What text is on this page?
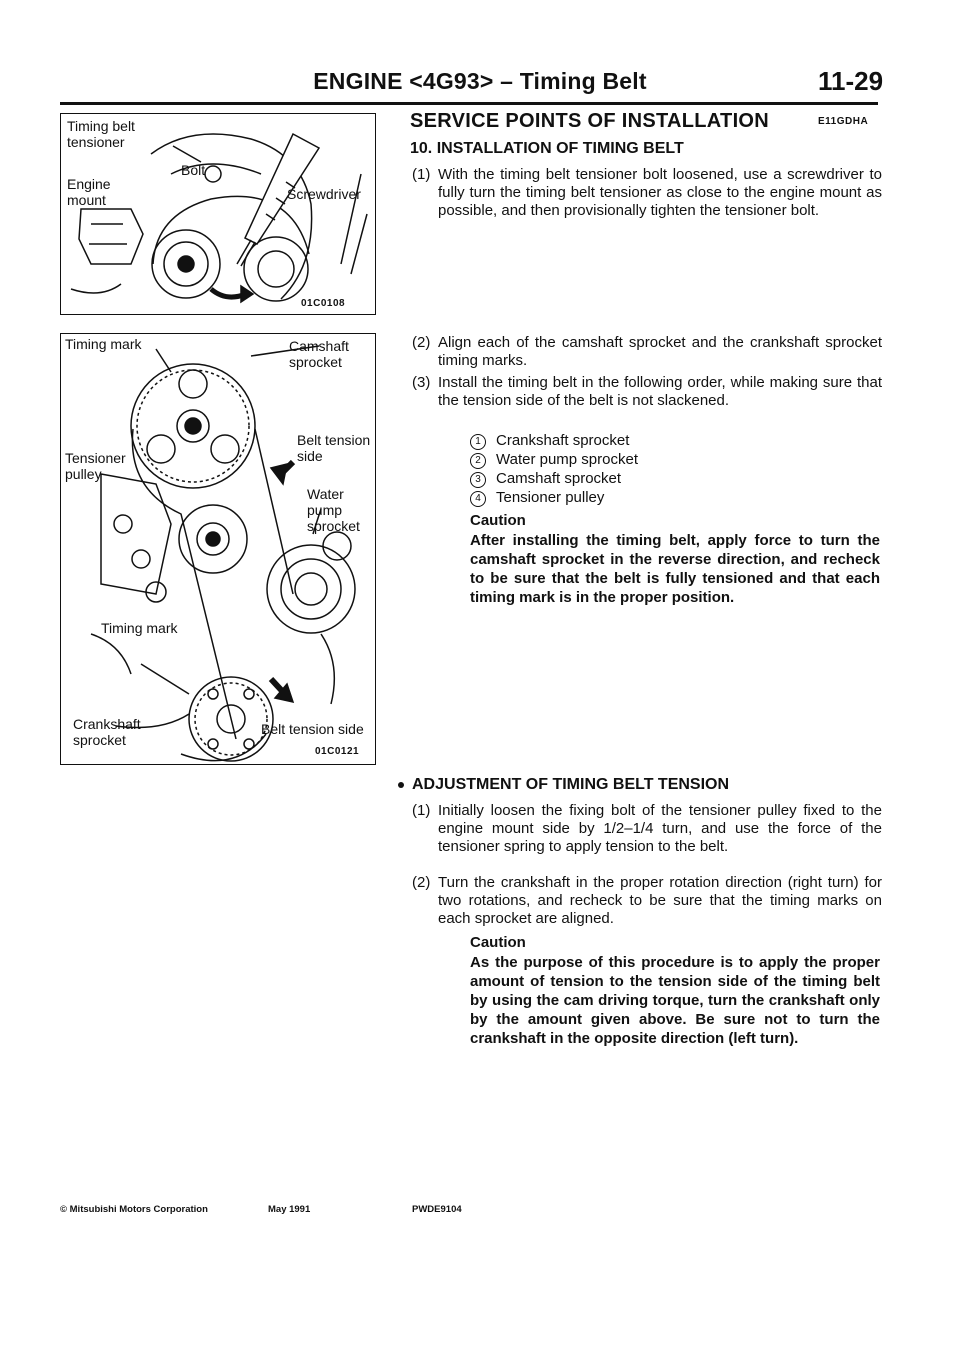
ENGINE <4G93> – Timing Belt	11-29
Timing belt
tensioner
Engine
mount
Bolt
Screwdriver
01C0108
Timing mark	Camshaft
sprocket
Belt tension
side
Tensioner
pulley
Water
pump
sprocket
Timing mark
Crankshaft
sprocket
Belt tension side
01C0121
SERVICE POINTS OF INSTALLATION	E11GDHA
10. INSTALLATION OF TIMING BELT
(1) With the timing belt tensioner bolt loosened, use a screwdriver to fully turn the timing belt tensioner as close to the engine mount as possible, and then provisionally tighten the tensioner bolt.
(2) Align each of the camshaft sprocket and the crankshaft sprocket timing marks.
(3) Install the timing belt in the following order, while making sure that the tension side of the belt is not slackened.
1 Crankshaft sprocket
2 Water pump sprocket
3 Camshaft sprocket
4 Tensioner pulley
Caution
After installing the timing belt, apply force to turn the camshaft sprocket in the reverse direction, and recheck to be sure that the belt is fully tensioned and that each timing mark is in the proper position.
ADJUSTMENT OF TIMING BELT TENSION
(1) Initially loosen the fixing bolt of the tensioner pulley fixed to the engine mount side by 1/2–1/4 turn, and use the force of the tensioner spring to apply tension to the belt.
(2) Turn the crankshaft in the proper rotation direction (right turn) for two rotations, and recheck to be sure that the timing marks on each sprocket are aligned.
Caution
As the purpose of this procedure is to apply the proper amount of tension to the tension side of the timing belt by using the cam driving torque, turn the crankshaft only by the amount given above. Be sure not to turn the crankshaft in the opposite direction (left turn).
© Mitsubishi Motors Corporation	May 1991	PWDE9104
